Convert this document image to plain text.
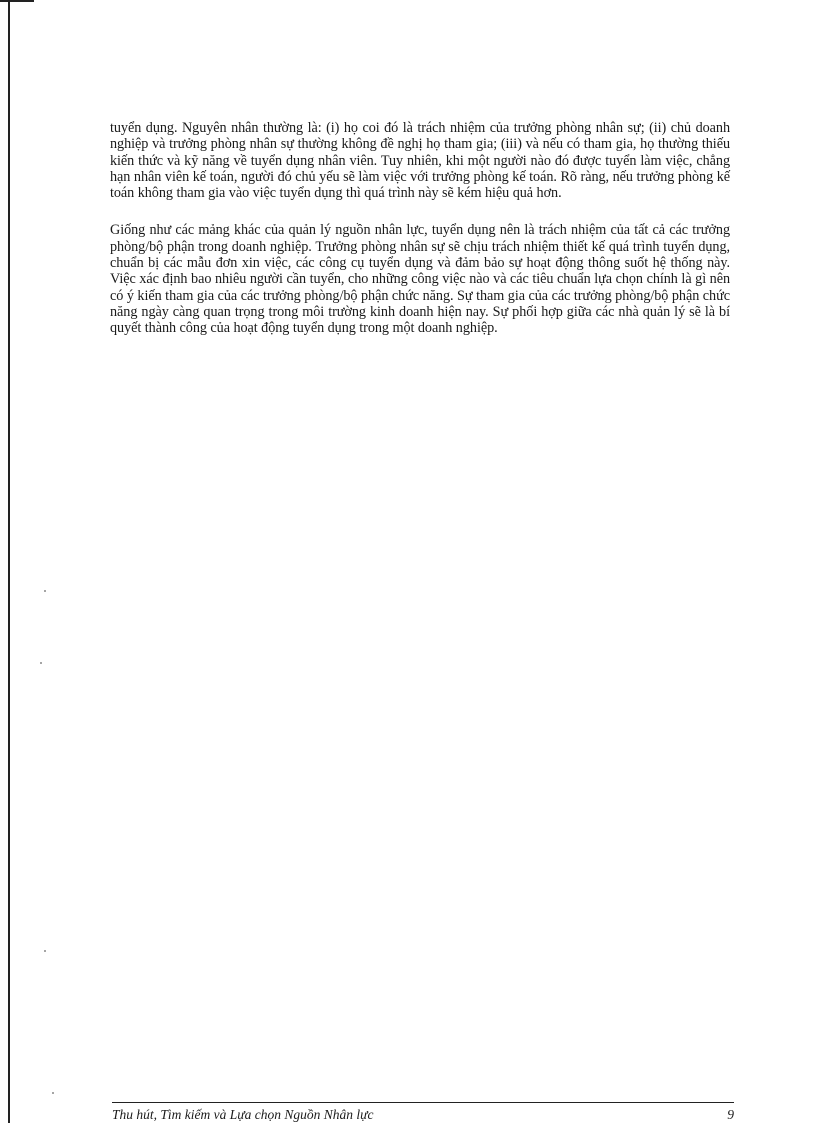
tuyển dụng. Nguyên nhân thường là: (i) họ coi đó là trách nhiệm của trưởng phòng nhân sự; (ii) chủ doanh nghiệp và trưởng phòng nhân sự thường không đề nghị họ tham gia; (iii) và nếu có tham gia, họ thường thiếu kiến thức và kỹ năng về tuyển dụng nhân viên. Tuy nhiên, khi một người nào đó được tuyển làm việc, chẳng hạn nhân viên kế toán, người đó chủ yếu sẽ làm việc với trưởng phòng kế toán. Rõ ràng, nếu trưởng phòng kế toán không tham gia vào việc tuyển dụng thì quá trình này sẽ kém hiệu quả hơn.

Giống như các mảng khác của quản lý nguồn nhân lực, tuyển dụng nên là trách nhiệm của tất cả các trưởng phòng/bộ phận trong doanh nghiệp. Trưởng phòng nhân sự sẽ chịu trách nhiệm thiết kế quá trình tuyển dụng, chuẩn bị các mẫu đơn xin việc, các công cụ tuyển dụng và đảm bảo sự hoạt động thông suốt hệ thống này. Việc xác định bao nhiêu người cần tuyển, cho những công việc nào và các tiêu chuẩn lựa chọn chính là gì nên có ý kiến tham gia của các trưởng phòng/bộ phận chức năng. Sự tham gia của các trưởng phòng/bộ phận chức năng ngày càng quan trọng trong môi trường kinh doanh hiện nay. Sự phối hợp giữa các nhà quản lý sẽ là bí quyết thành công của hoạt động tuyển dụng trong một doanh nghiệp.

Thu hút, Tìm kiếm và Lựa chọn Nguồn Nhân lực	9
